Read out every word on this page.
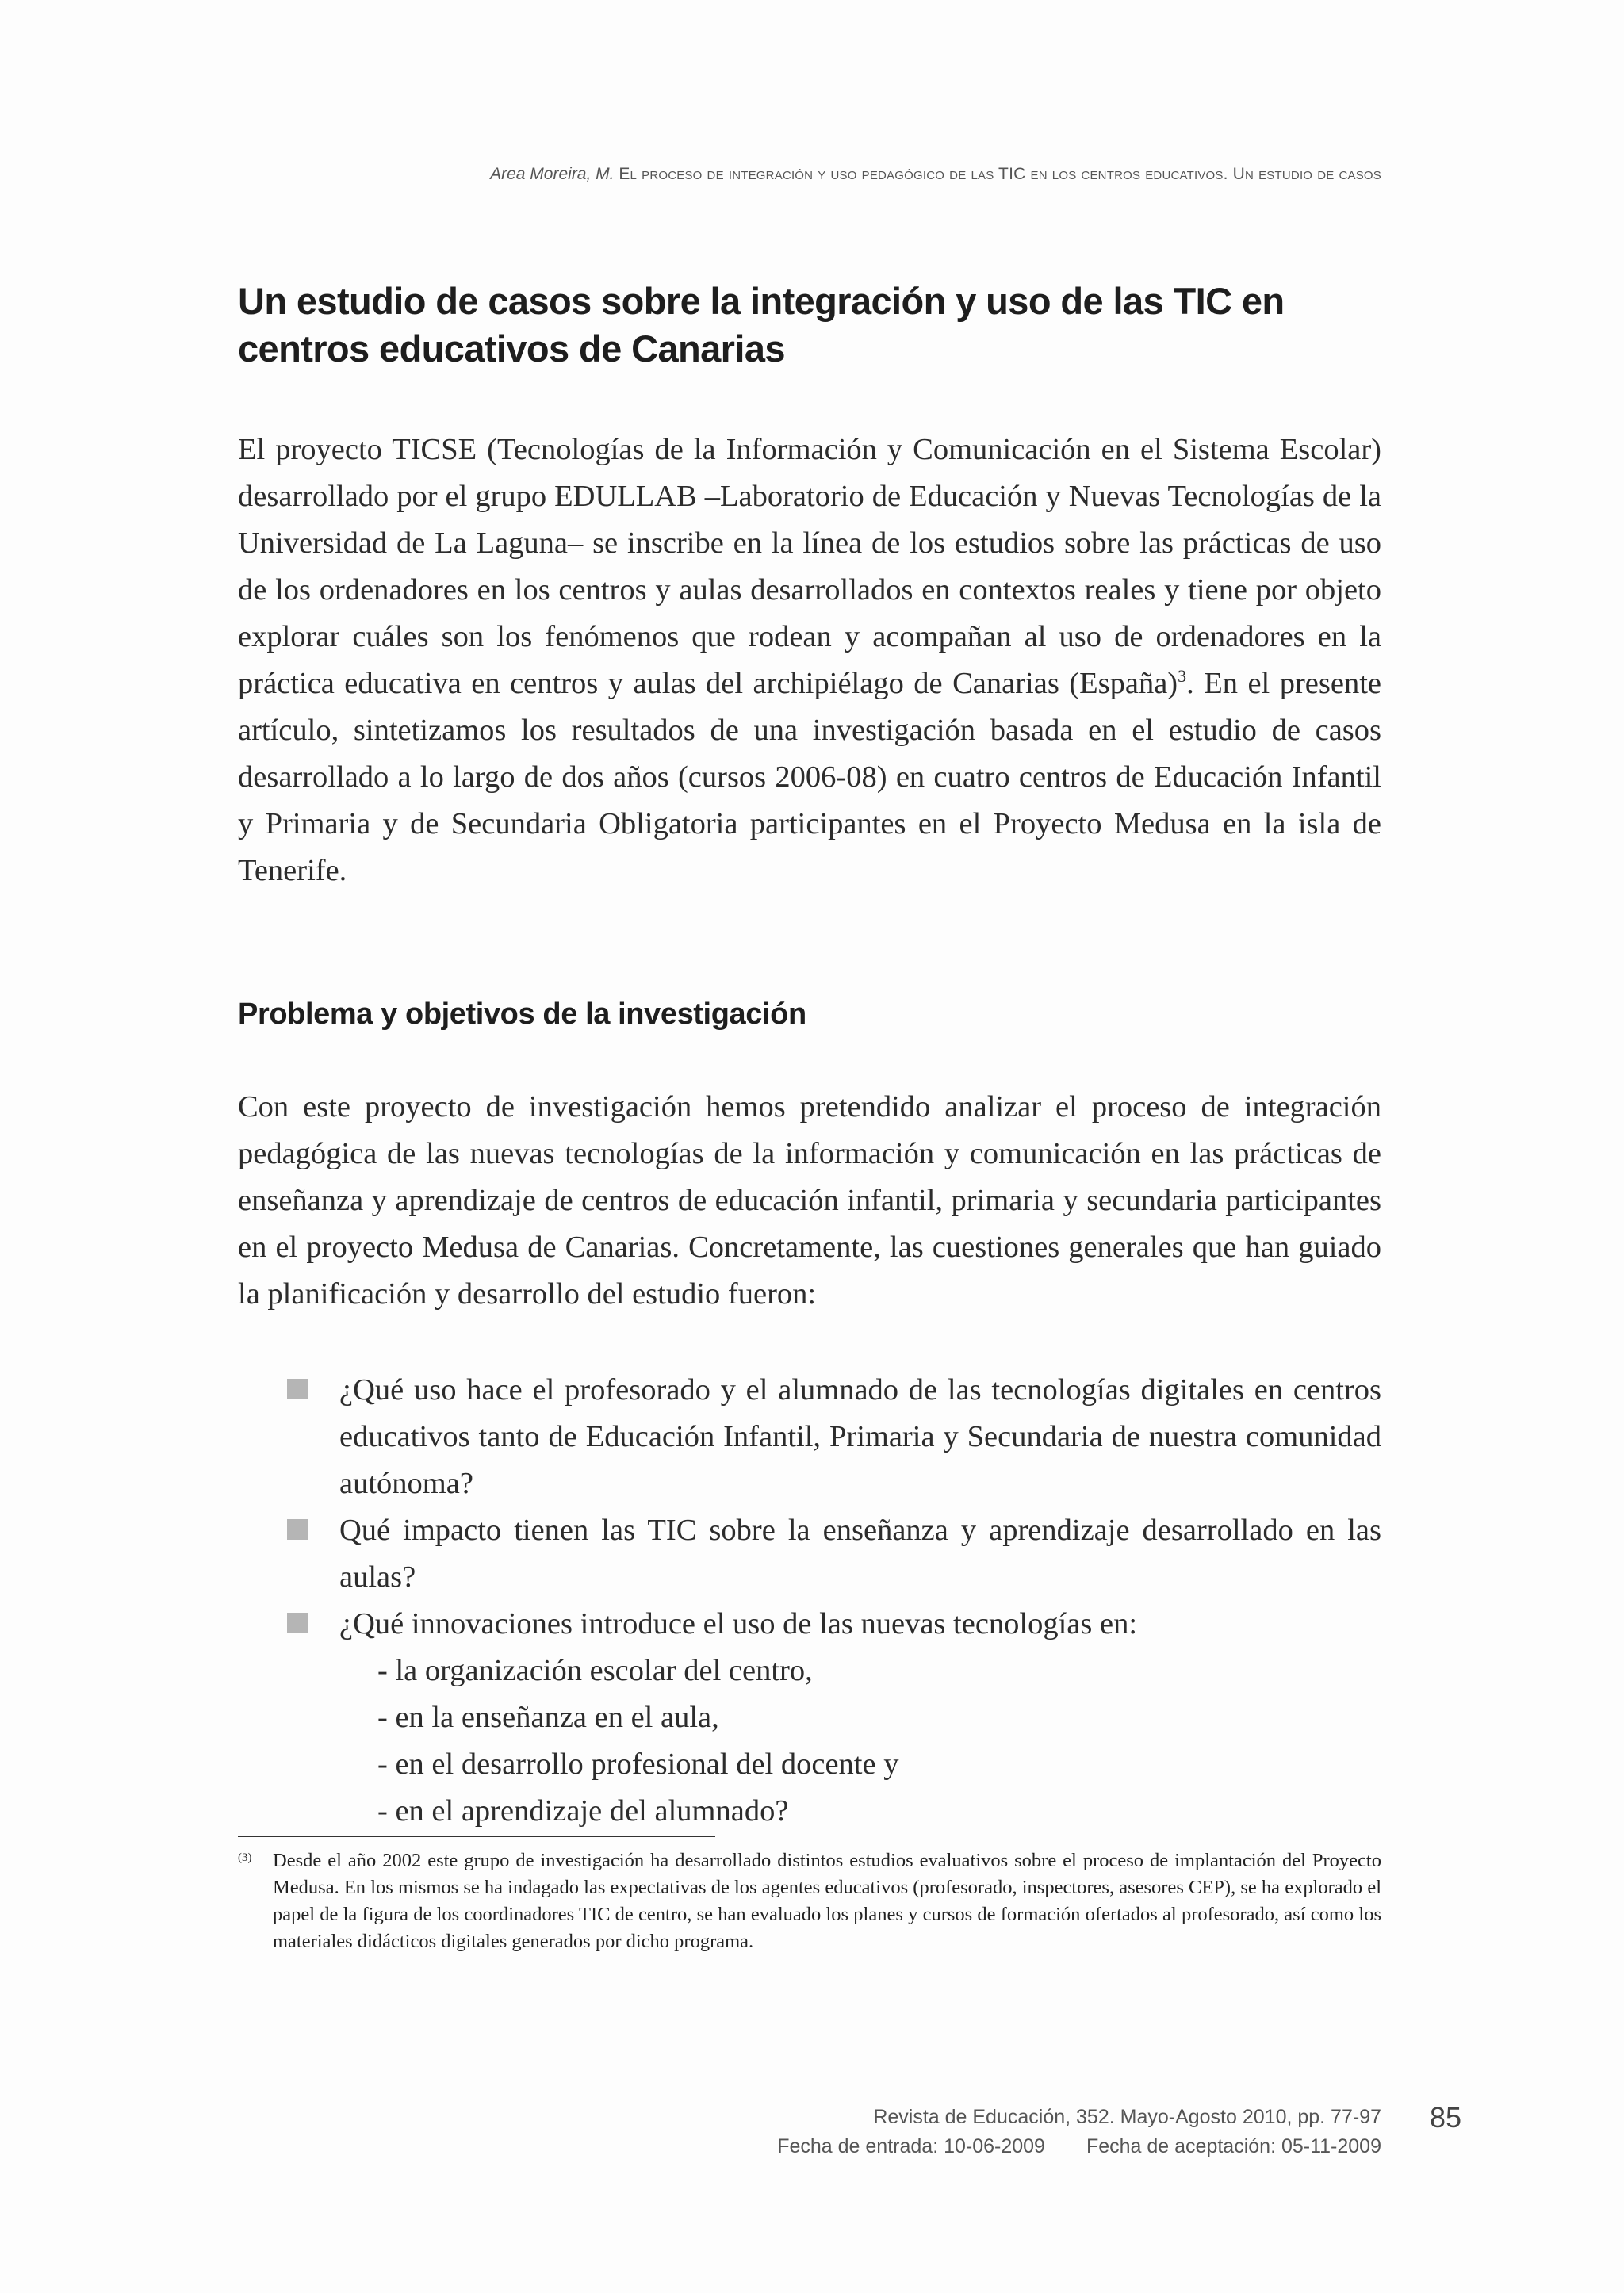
Area Moreira, M. El proceso de integración y uso pedagógico de las TIC en los centros educativos. Un estudio de casos
Un estudio de casos sobre la integración y uso de las TIC en centros educativos de Canarias

El proyecto TICSE (Tecnologías de la Información y Comunicación en el Sistema Escolar) desarrollado por el grupo EDULLAB –Laboratorio de Educación y Nuevas Tecnologías de la Universidad de La Laguna– se inscribe en la línea de los estudios sobre las prácticas de uso de los ordenadores en los centros y aulas desarrollados en contextos reales y tiene por objeto explorar cuáles son los fenómenos que rodean y acompañan al uso de ordenadores en la práctica educativa en centros y aulas del archipiélago de Canarias (España)$^3$. En el presente artículo, sintetizamos los resultados de una investigación basada en el estudio de casos desarrollado a lo largo de dos años (cursos 2006-08) en cuatro centros de Educación Infantil y Primaria y de Secundaria Obligatoria participantes en el Proyecto Medusa en la isla de Tenerife.

Problema y objetivos de la investigación

Con este proyecto de investigación hemos pretendido analizar el proceso de integración pedagógica de las nuevas tecnologías de la información y comunicación en las prácticas de enseñanza y aprendizaje de centros de educación infantil, primaria y secundaria participantes en el proyecto Medusa de Canarias. Concretamente, las cuestiones generales que han guiado la planificación y desarrollo del estudio fueron:

¿Qué uso hace el profesorado y el alumnado de las tecnologías digitales en centros educativos tanto de Educación Infantil, Primaria y Secundaria de nuestra comunidad autónoma?
Qué impacto tienen las TIC sobre la enseñanza y aprendizaje desarrollado en las aulas?
¿Qué innovaciones introduce el uso de las nuevas tecnologías en:
- la organización escolar del centro,
- en la enseñanza en el aula,
- en el desarrollo profesional del docente y
- en el aprendizaje del alumnado?
(3) Desde el año 2002 este grupo de investigación ha desarrollado distintos estudios evaluativos sobre el proceso de implantación del Proyecto Medusa. En los mismos se ha indagado las expectativas de los agentes educativos (profesorado, inspectores, asesores CEP), se ha explorado el papel de la figura de los coordinadores TIC de centro, se han evaluado los planes y cursos de formación ofertados al profesorado, así como los materiales didácticos digitales generados por dicho programa.
Revista de Educación, 352. Mayo-Agosto 2010, pp. 77-97
Fecha de entrada: 10-06-2009 Fecha de aceptación: 05-11-2009
85
